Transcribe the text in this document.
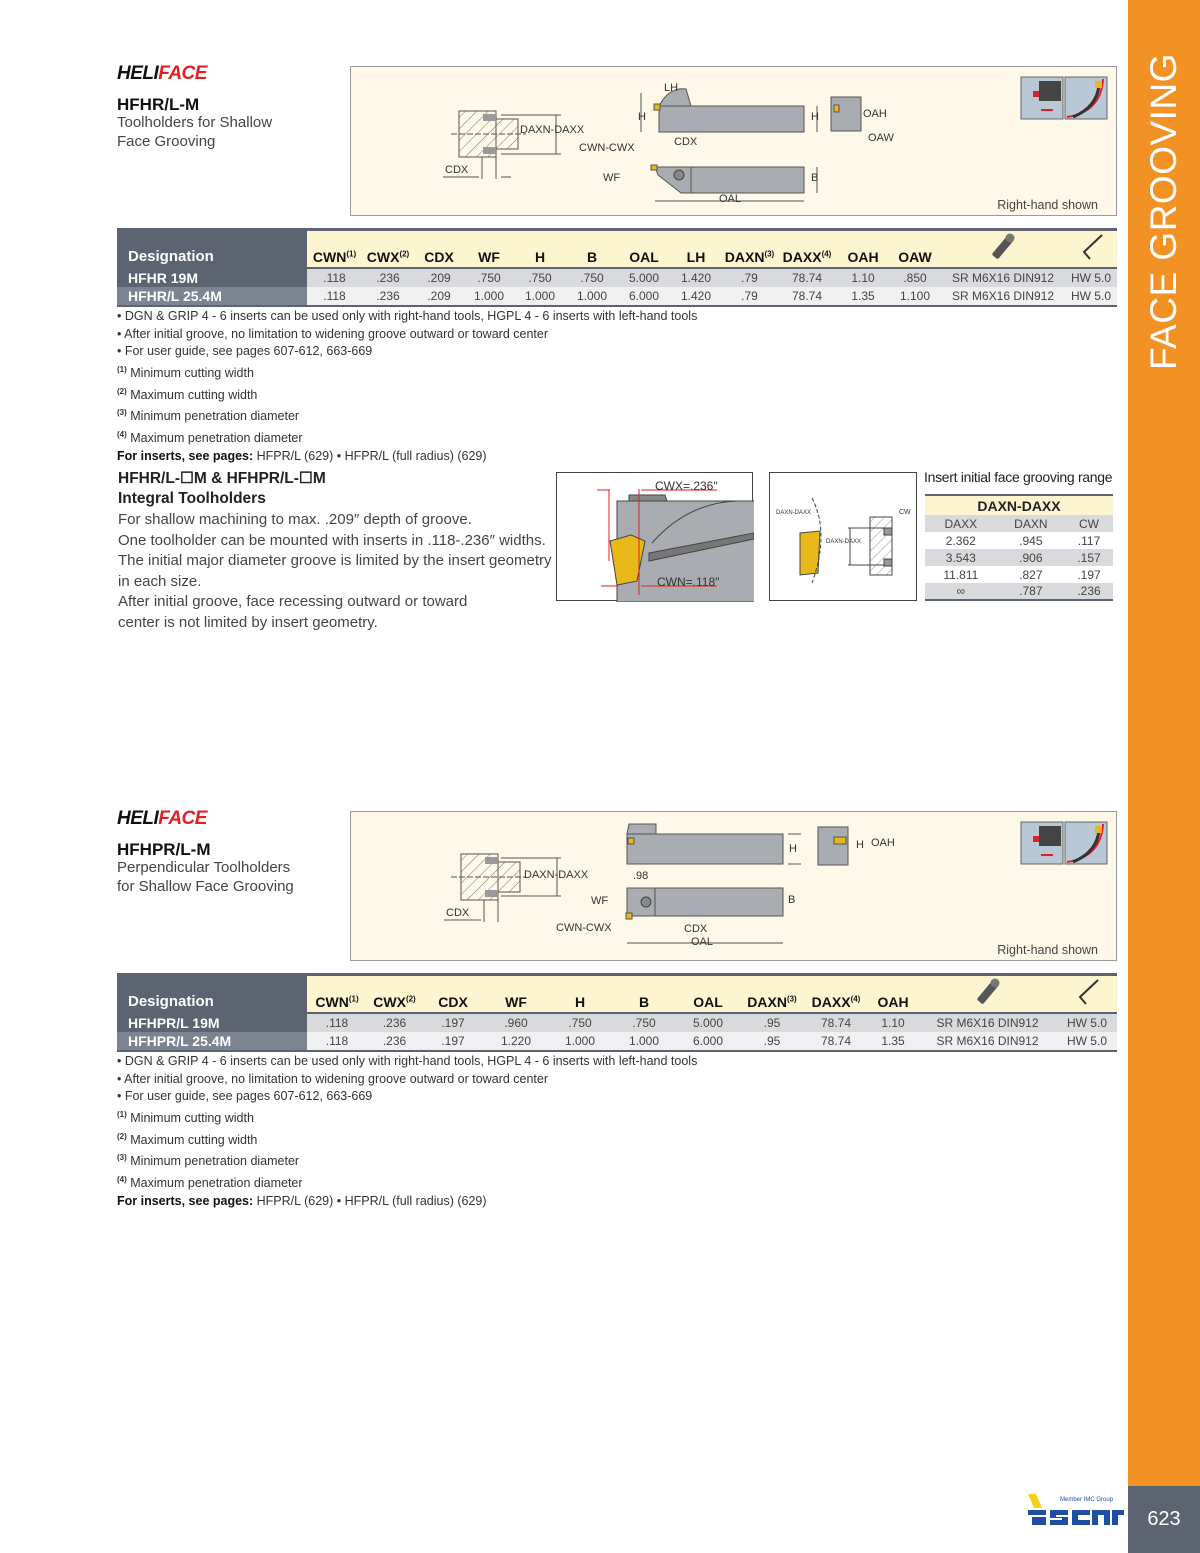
FACE GROOVING
623
Member IMC Group
HELIFACE
HFHR/L-M
Toolholders for Shallow
Face Grooving
LH
H	H	OAH
OAW
DAXN-DAXX
CWN-CWX	CDX
CDX
WF	B
OAL	Right-hand shown
Designation	CWN$^{(1)}$	CWX$^{(2)}$	CDX	WF	H	B	OAL	LH	DAXN$^{(3)}$	DAXX$^{(4)}$	OAH	OAW		
HFHR 19M	.118	.236	.209	.750	.750	.750	5.000	1.420	.79	78.74	1.10	.850	SR M6X16 DIN912	HW 5.0
HFHR/L 25.4M	.118	.236	.209	1.000	1.000	1.000	6.000	1.420	.79	78.74	1.35	1.100	SR M6X16 DIN912	HW 5.0
• DGN & GRIP 4 - 6 inserts can be used only with right-hand tools, HGPL 4 - 6 inserts with left-hand tools
• After initial groove, no limitation to widening groove outward or toward center
• For user guide, see pages 607-612, 663-669
$^{(1)}$ Minimum cutting width
$^{(2)}$ Maximum cutting width
$^{(3)}$ Minimum penetration diameter
$^{(4)}$ Maximum penetration diameter
For inserts, see pages: HFPR/L (629) • HFPR/L (full radius) (629)
HFHR/L-☐M & HFHPR/L-☐M
Integral Toolholders
For shallow machining to max. .209″ depth of groove.
One toolholder can be mounted with inserts in .118-.236″ widths.
The initial major diameter groove is limited by the insert geometry
in each size.
After initial groove, face recessing outward or toward
center is not limited by insert geometry.
CWX=.236″
CWN=.118″
DAXN-DAXX
DAXN-DAXX
CW
Insert initial face grooving range
DAXN-DAXX		
DAXX	DAXN	CW
2.362	.945	.117
3.543	.906	.157
11.811	.827	.197
∞	.787	.236
HELIFACE
HFHPR/L-M
Perpendicular Toolholders
for Shallow Face Grooving
H	H OAH
DAXN-DAXX	.98
WF	B
CDX
CDX
CWN-CWX
OAL
Right-hand shown
Designation	CWN$^{(1)}$	CWX$^{(2)}$	CDX	WF	H	B	OAL	DAXN$^{(3)}$	DAXX$^{(4)}$	OAH		
HFHPR/L 19M	.118	.236	.197	.960	.750	.750	5.000	.95	78.74	1.10	SR M6X16 DIN912	HW 5.0
HFHPR/L 25.4M	.118	.236	.197	1.220	1.000	1.000	6.000	.95	78.74	1.35	SR M6X16 DIN912	HW 5.0
• DGN & GRIP 4 - 6 inserts can be used only with right-hand tools, HGPL 4 - 6 inserts with left-hand tools
• After initial groove, no limitation to widening groove outward or toward center
• For user guide, see pages 607-612, 663-669
$^{(1)}$ Minimum cutting width
$^{(2)}$ Maximum cutting width
$^{(3)}$ Minimum penetration diameter
$^{(4)}$ Maximum penetration diameter
For inserts, see pages: HFPR/L (629) • HFPR/L (full radius) (629)
